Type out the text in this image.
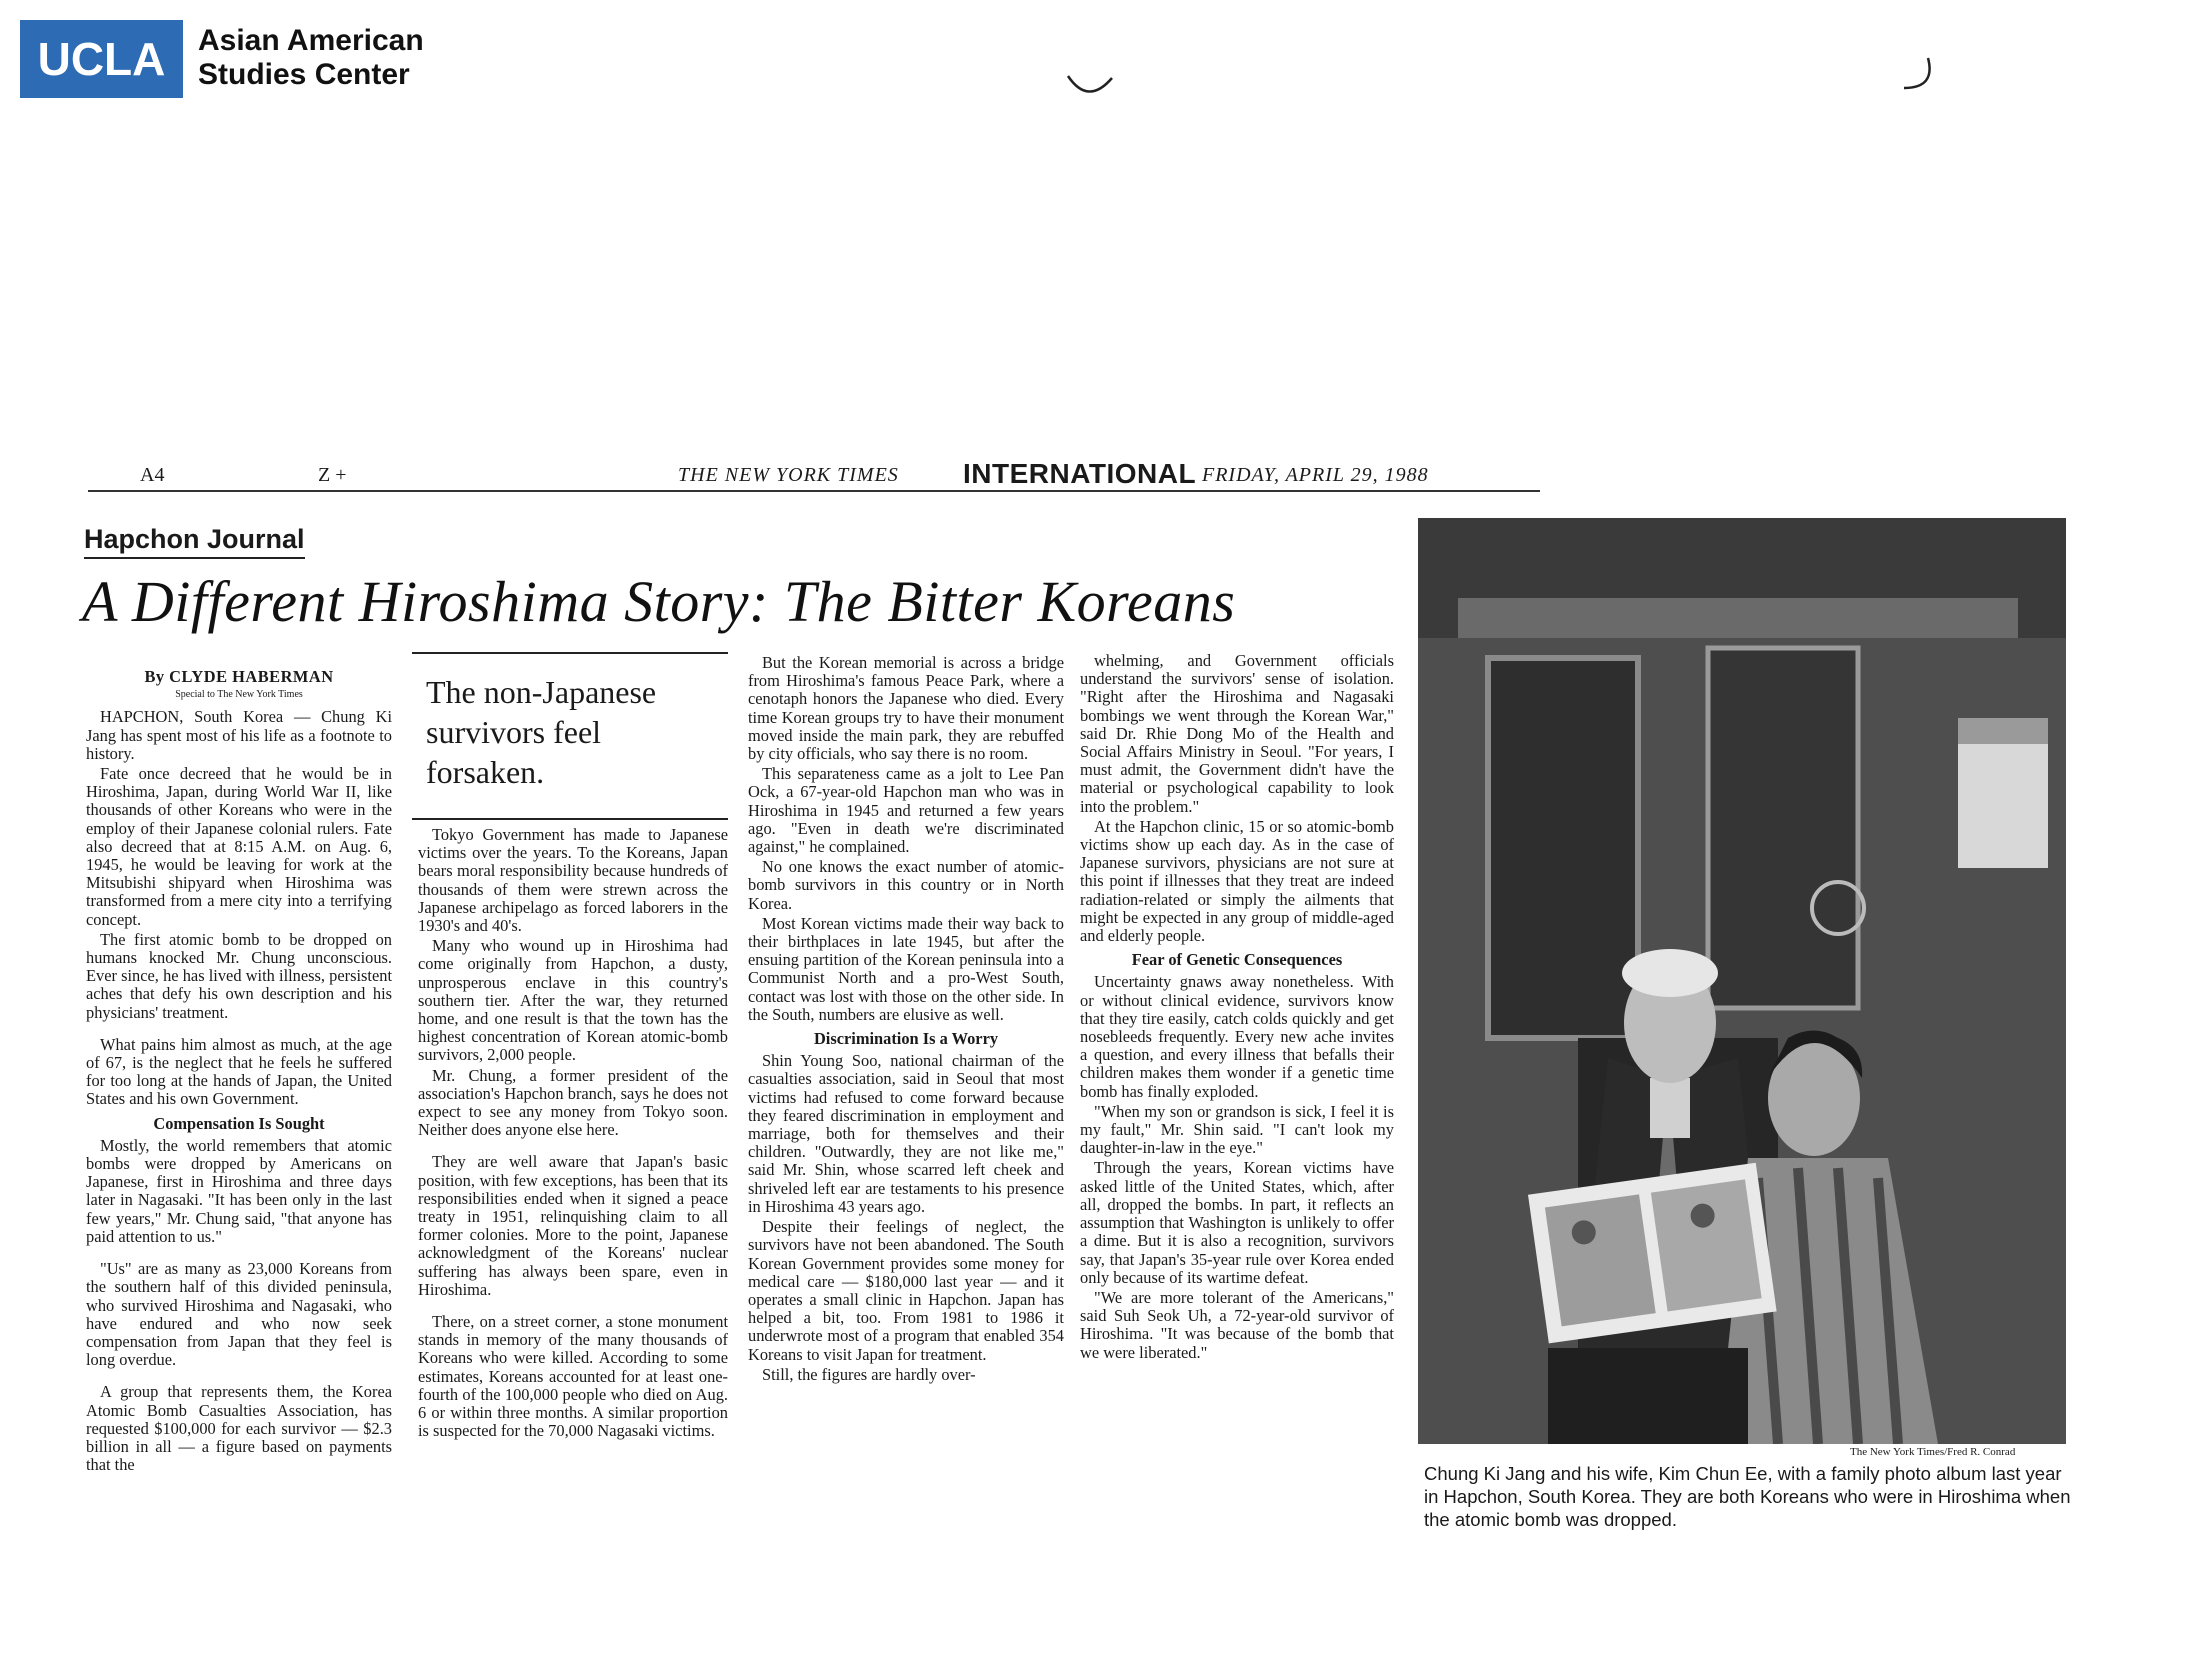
UCLA	Asian American
Studies Center
A4	Z +	THE NEW YORK TIMES INTERNATIONAL FRIDAY, APRIL 29, 1988
Hapchon Journal
A Different Hiroshima Story: The Bitter Koreans
By CLYDE HABERMAN
Special to The New York Times

HAPCHON, South Korea — Chung Ki Jang has spent most of his life as a footnote to history.

Fate once decreed that he would be in Hiroshima, Japan, during World War II, like thousands of other Koreans who were in the employ of their Japanese colonial rulers. Fate also decreed that at 8:15 A.M. on Aug. 6, 1945, he would be leaving for work at the Mitsubishi shipyard when Hiroshima was transformed from a mere city into a terrifying concept.

The first atomic bomb to be dropped on humans knocked Mr. Chung unconscious. Ever since, he has lived with illness, persistent aches that defy his own description and his physicians' treatment.

What pains him almost as much, at the age of 67, is the neglect that he feels he suffered for too long at the hands of Japan, the United States and his own Government.

Compensation Is Sought

Mostly, the world remembers that atomic bombs were dropped by Americans on Japanese, first in Hiroshima and three days later in Nagasaki. "It has been only in the last few years," Mr. Chung said, "that anyone has paid attention to us."

"Us" are as many as 23,000 Koreans from the southern half of this divided peninsula, who survived Hiroshima and Nagasaki, who have endured and who now seek compensation from Japan that they feel is long overdue.

A group that represents them, the Korea Atomic Bomb Casualties Association, has requested $100,000 for each survivor — $2.3 billion in all — a figure based on payments that the

The non-Japanese survivors feel forsaken.

Tokyo Government has made to Japanese victims over the years. To the Koreans, Japan bears moral responsibility because hundreds of thousands of them were strewn across the Japanese archipelago as forced laborers in the 1930's and 40's.

Many who wound up in Hiroshima had come originally from Hapchon, a dusty, unprosperous enclave in this country's southern tier. After the war, they returned home, and one result is that the town has the highest concentration of Korean atomic-bomb survivors, 2,000 people.

Mr. Chung, a former president of the association's Hapchon branch, says he does not expect to see any money from Tokyo soon. Neither does anyone else here.

They are well aware that Japan's basic position, with few exceptions, has been that its responsibilities ended when it signed a peace treaty in 1951, relinquishing claim to all former colonies. More to the point, Japanese acknowledgment of the Koreans' nuclear suffering has always been spare, even in Hiroshima.

There, on a street corner, a stone monument stands in memory of the many thousands of Koreans who were killed. According to some estimates, Koreans accounted for at least one-fourth of the 100,000 people who died on Aug. 6 or within three months. A similar proportion is suspected for the 70,000 Nagasaki victims.

But the Korean memorial is across a bridge from Hiroshima's famous Peace Park, where a cenotaph honors the Japanese who died. Every time Korean groups try to have their monument moved inside the main park, they are rebuffed by city officials, who say there is no room.

This separateness came as a jolt to Lee Pan Ock, a 67-year-old Hapchon man who was in Hiroshima in 1945 and returned a few years ago. "Even in death we're discriminated against," he complained.

No one knows the exact number of atomic-bomb survivors in this country or in North Korea.

Most Korean victims made their way back to their birthplaces in late 1945, but after the ensuing partition of the Korean peninsula into a Communist North and a pro-West South, contact was lost with those on the other side. In the South, numbers are elusive as well.

Discrimination Is a Worry

Shin Young Soo, national chairman of the casualties association, said in Seoul that most victims had refused to come forward because they feared discrimination in employment and marriage, both for themselves and their children. "Outwardly, they are not like me," said Mr. Shin, whose scarred left cheek and shriveled left ear are testaments to his presence in Hiroshima 43 years ago.

Despite their feelings of neglect, the survivors have not been abandoned. The South Korean Government provides some money for medical care — $180,000 last year — and it operates a small clinic in Hapchon. Japan has helped a bit, too. From 1981 to 1986 it underwrote most of a program that enabled 354 Koreans to visit Japan for treatment.

Still, the figures are hardly over-

whelming, and Government officials understand the survivors' sense of isolation. "Right after the Hiroshima and Nagasaki bombings we went through the Korean War," said Dr. Rhie Dong Mo of the Health and Social Affairs Ministry in Seoul. "For years, I must admit, the Government didn't have the material or psychological capability to look into the problem."

At the Hapchon clinic, 15 or so atomic-bomb victims show up each day. As in the case of Japanese survivors, physicians are not sure at this point if illnesses that they treat are indeed radiation-related or simply the ailments that might be expected in any group of middle-aged and elderly people.

Fear of Genetic Consequences

Uncertainty gnaws away nonetheless. With or without clinical evidence, survivors know that they tire easily, catch colds quickly and get nosebleeds frequently. Every new ache invites a question, and every illness that befalls their children makes them wonder if a genetic time bomb has finally exploded.

"When my son or grandson is sick, I feel it is my fault," Mr. Shin said. "I can't look my daughter-in-law in the eye."

Through the years, Korean victims have asked little of the United States, which, after all, dropped the bombs. In part, it reflects an assumption that Washington is unlikely to offer a dime. But it is also a recognition, survivors say, that Japan's 35-year rule over Korea ended only because of its wartime defeat.

"We are more tolerant of the Americans," said Suh Seok Uh, a 72-year-old survivor of Hiroshima. "It was because of the bomb that we were liberated."

The New York Times/Fred R. Conrad
Chung Ki Jang and his wife, Kim Chun Ee, with a family photo album last year in Hapchon, South Korea. They are both Koreans who were in Hiroshima when the atomic bomb was dropped.
